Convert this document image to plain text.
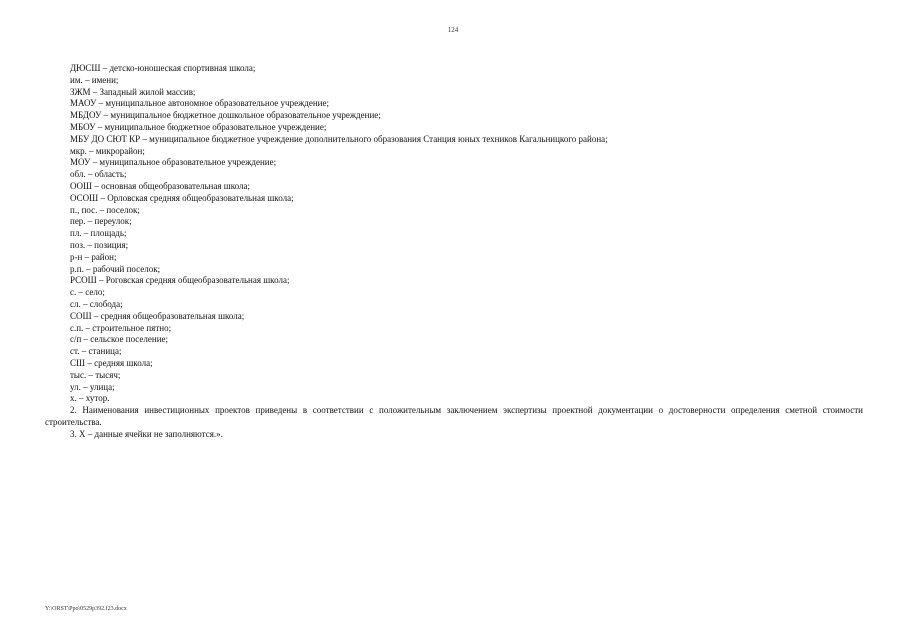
124
ДЮСШ – детско-юношеская спортивная школа;
им. – имени;
ЗЖМ – Западный жилой массив;
МАОУ – муниципальное автономное образовательное учреждение;
МБДОУ – муниципальное бюджетное дошкольное образовательное учреждение;
МБОУ – муниципальное бюджетное образовательное учреждение;
МБУ ДО СЮТ КР – муниципальное бюджетное учреждение дополнительного образования Станция юных техников Кагальницкого района;
мкр. – микрорайон;
МОУ – муниципальное образовательное учреждение;
обл. – область;
ООШ – основная общеобразовательная школа;
ОСОШ – Орловская средняя общеобразовательная школа;
п., пос. – поселок;
пер. – переулок;
пл. – площадь;
поз. – позиция;
р-н – район;
р.п. – рабочий поселок;
РСОШ – Роговская средняя общеобразовательная школа;
с. – село;
сл. – слобода;
СОШ – средняя общеобразовательная школа;
с.п. – строительное пятно;
с/п – сельское поселение;
ст. – станица;
СШ – средняя школа;
тыс. – тысяч;
ул. – улица;
х. – хутор.
2. Наименования инвестиционных проектов приведены в соответствии с положительным заключением экспертизы проектной документации о достоверности определения сметной стоимости строительства.
3. Х – данные ячейки не заполняются.».
Y:\ORST\Ppo\0529p392.f23.docx
